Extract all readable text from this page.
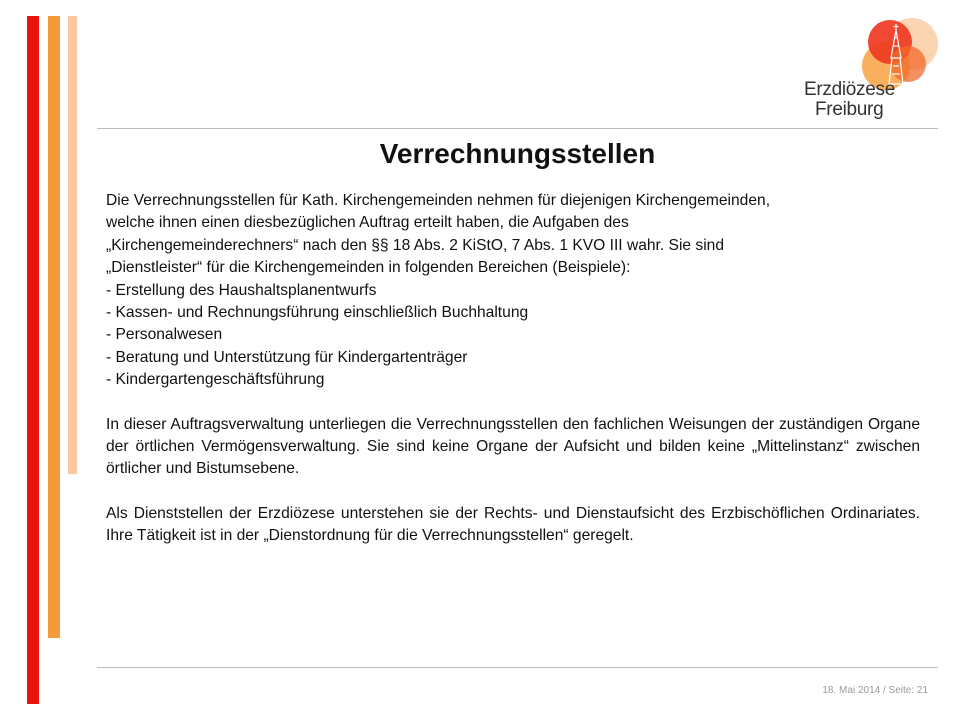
Erzdiözese
Freiburg
Verrechnungsstellen

Die Verrechnungsstellen für Kath. Kirchengemeinden nehmen für diejenigen Kirchengemeinden,

welche ihnen einen diesbezüglichen Auftrag erteilt haben, die Aufgaben des

„Kirchengemeinderechners“ nach den §§ 18 Abs. 2 KiStO, 7 Abs. 1 KVO III wahr. Sie sind

„Dienstleister“ für die Kirchengemeinden in folgenden Bereichen (Beispiele):

- Erstellung des Haushaltsplanentwurfs

- Kassen- und Rechnungsführung einschließlich Buchhaltung

- Personalwesen

- Beratung und Unterstützung für Kindergartenträger

- Kindergartengeschäftsführung

In dieser Auftragsverwaltung unterliegen die Verrechnungsstellen den fachlichen Weisungen der zuständigen Organe der örtlichen Vermögensverwaltung. Sie sind keine Organe der Aufsicht und bilden keine „Mittelinstanz“ zwischen örtlicher und Bistumsebene.

Als Dienststellen der Erzdiözese unterstehen sie der Rechts- und Dienstaufsicht des Erzbischöflichen Ordinariates. Ihre Tätigkeit ist in der „Dienstordnung für die Verrechnungsstellen“ geregelt.

18. Mai 2014 / Seite: 21
